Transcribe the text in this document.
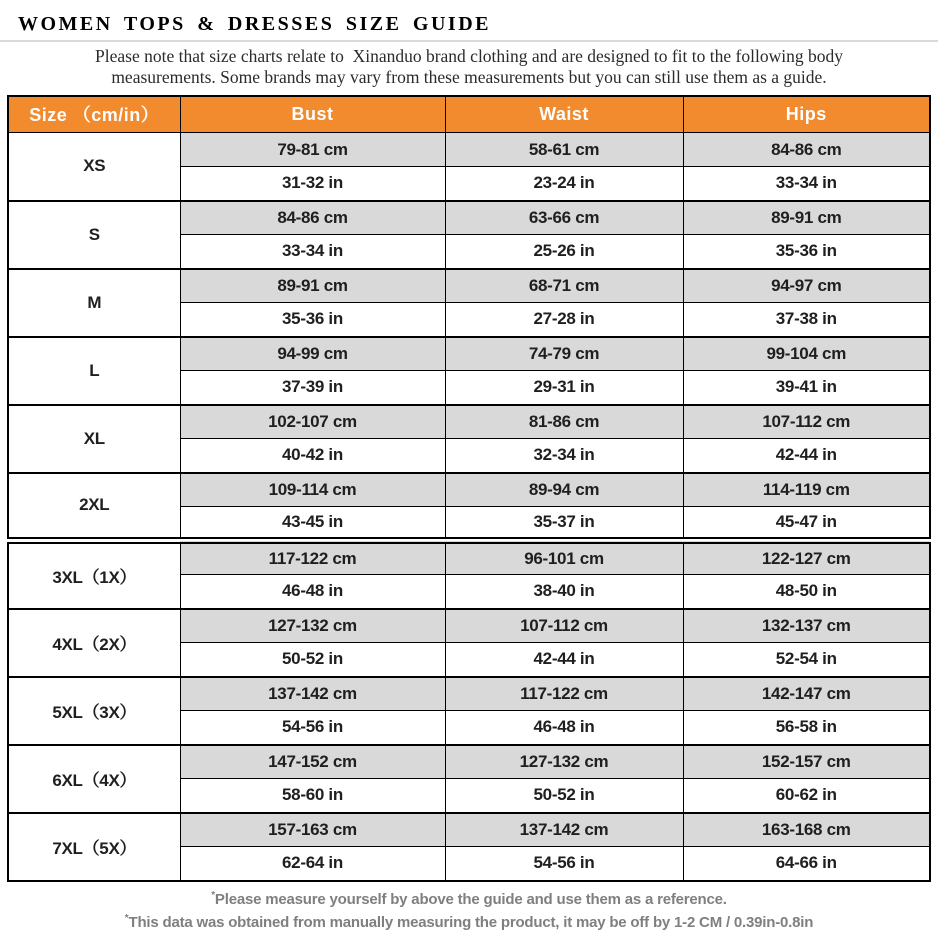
WOMEN TOPS & DRESSES SIZE GUIDE
Please note that size charts relate to  Xinanduo brand clothing and are designed to fit to the following body
measurements. Some brands may vary from these measurements but you can still use them as a guide.
Size （cm/in）	Bust	Waist	Hips
XS	79-81 cm	58-61 cm	84-86 cm
	31-32 in	23-24 in	33-34 in
S	84-86 cm	63-66 cm	89-91 cm
	33-34 in	25-26 in	35-36 in
M	89-91 cm	68-71 cm	94-97 cm
	35-36 in	27-28 in	37-38 in
L	94-99 cm	74-79 cm	99-104 cm
	37-39 in	29-31 in	39-41 in
XL	102-107 cm	81-86 cm	107-112 cm
	40-42 in	32-34 in	42-44 in
2XL	109-114 cm	89-94 cm	114-119 cm
	43-45 in	35-37 in	45-47 in
3XL（1X）	117-122 cm	96-101 cm	122-127 cm
	46-48 in	38-40 in	48-50 in
4XL（2X）	127-132 cm	107-112 cm	132-137 cm
	50-52 in	42-44 in	52-54 in
5XL（3X）	137-142 cm	117-122 cm	142-147 cm
	54-56 in	46-48 in	56-58 in
6XL（4X）	147-152 cm	127-132 cm	152-157 cm
	58-60 in	50-52 in	60-62 in
7XL（5X）	157-163 cm	137-142 cm	163-168 cm
	62-64 in	54-56 in	64-66 in
*Please measure yourself by above the guide and use them as a reference.
*This data was obtained from manually measuring the product, it may be off by 1-2 CM / 0.39in-0.8in
